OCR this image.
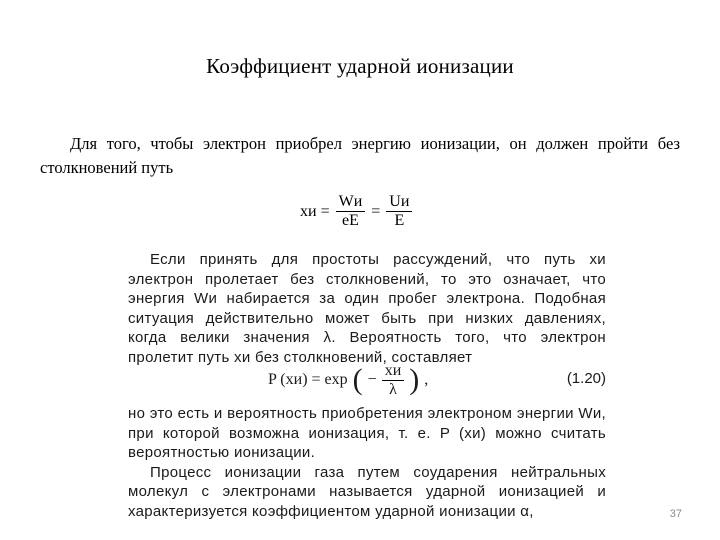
Коэффициент ударной ионизации

Для того, чтобы электрон приобрел энергию ионизации, он должен пройти без столкновений путь

xи = $\frac{Wи}{eE} = \frac{Uи}{E}$

Если принять для простоты рассуждений, что путь xи электрон пролетает без столкновений, то это означает, что энергия Wи набирается за один пробег электрона. Подобная ситуация действительно может быть при низких давлениях, когда велики значения λ. Вероятность того, что электрон пролетит путь xи без столкновений, составляет

P (xи) = exp ( − $\frac{xи}{\lambda}$ ) ,	(1.20)

но это есть и вероятность приобретения электроном энергии Wи, при которой возможна ионизация, т. е. P (xи) можно считать вероятностью ионизации.

Процесс ионизации газа путем соударения нейтральных молекул с электронами называется ударной ионизацией и характеризуется коэффициентом ударной ионизации α,	37
